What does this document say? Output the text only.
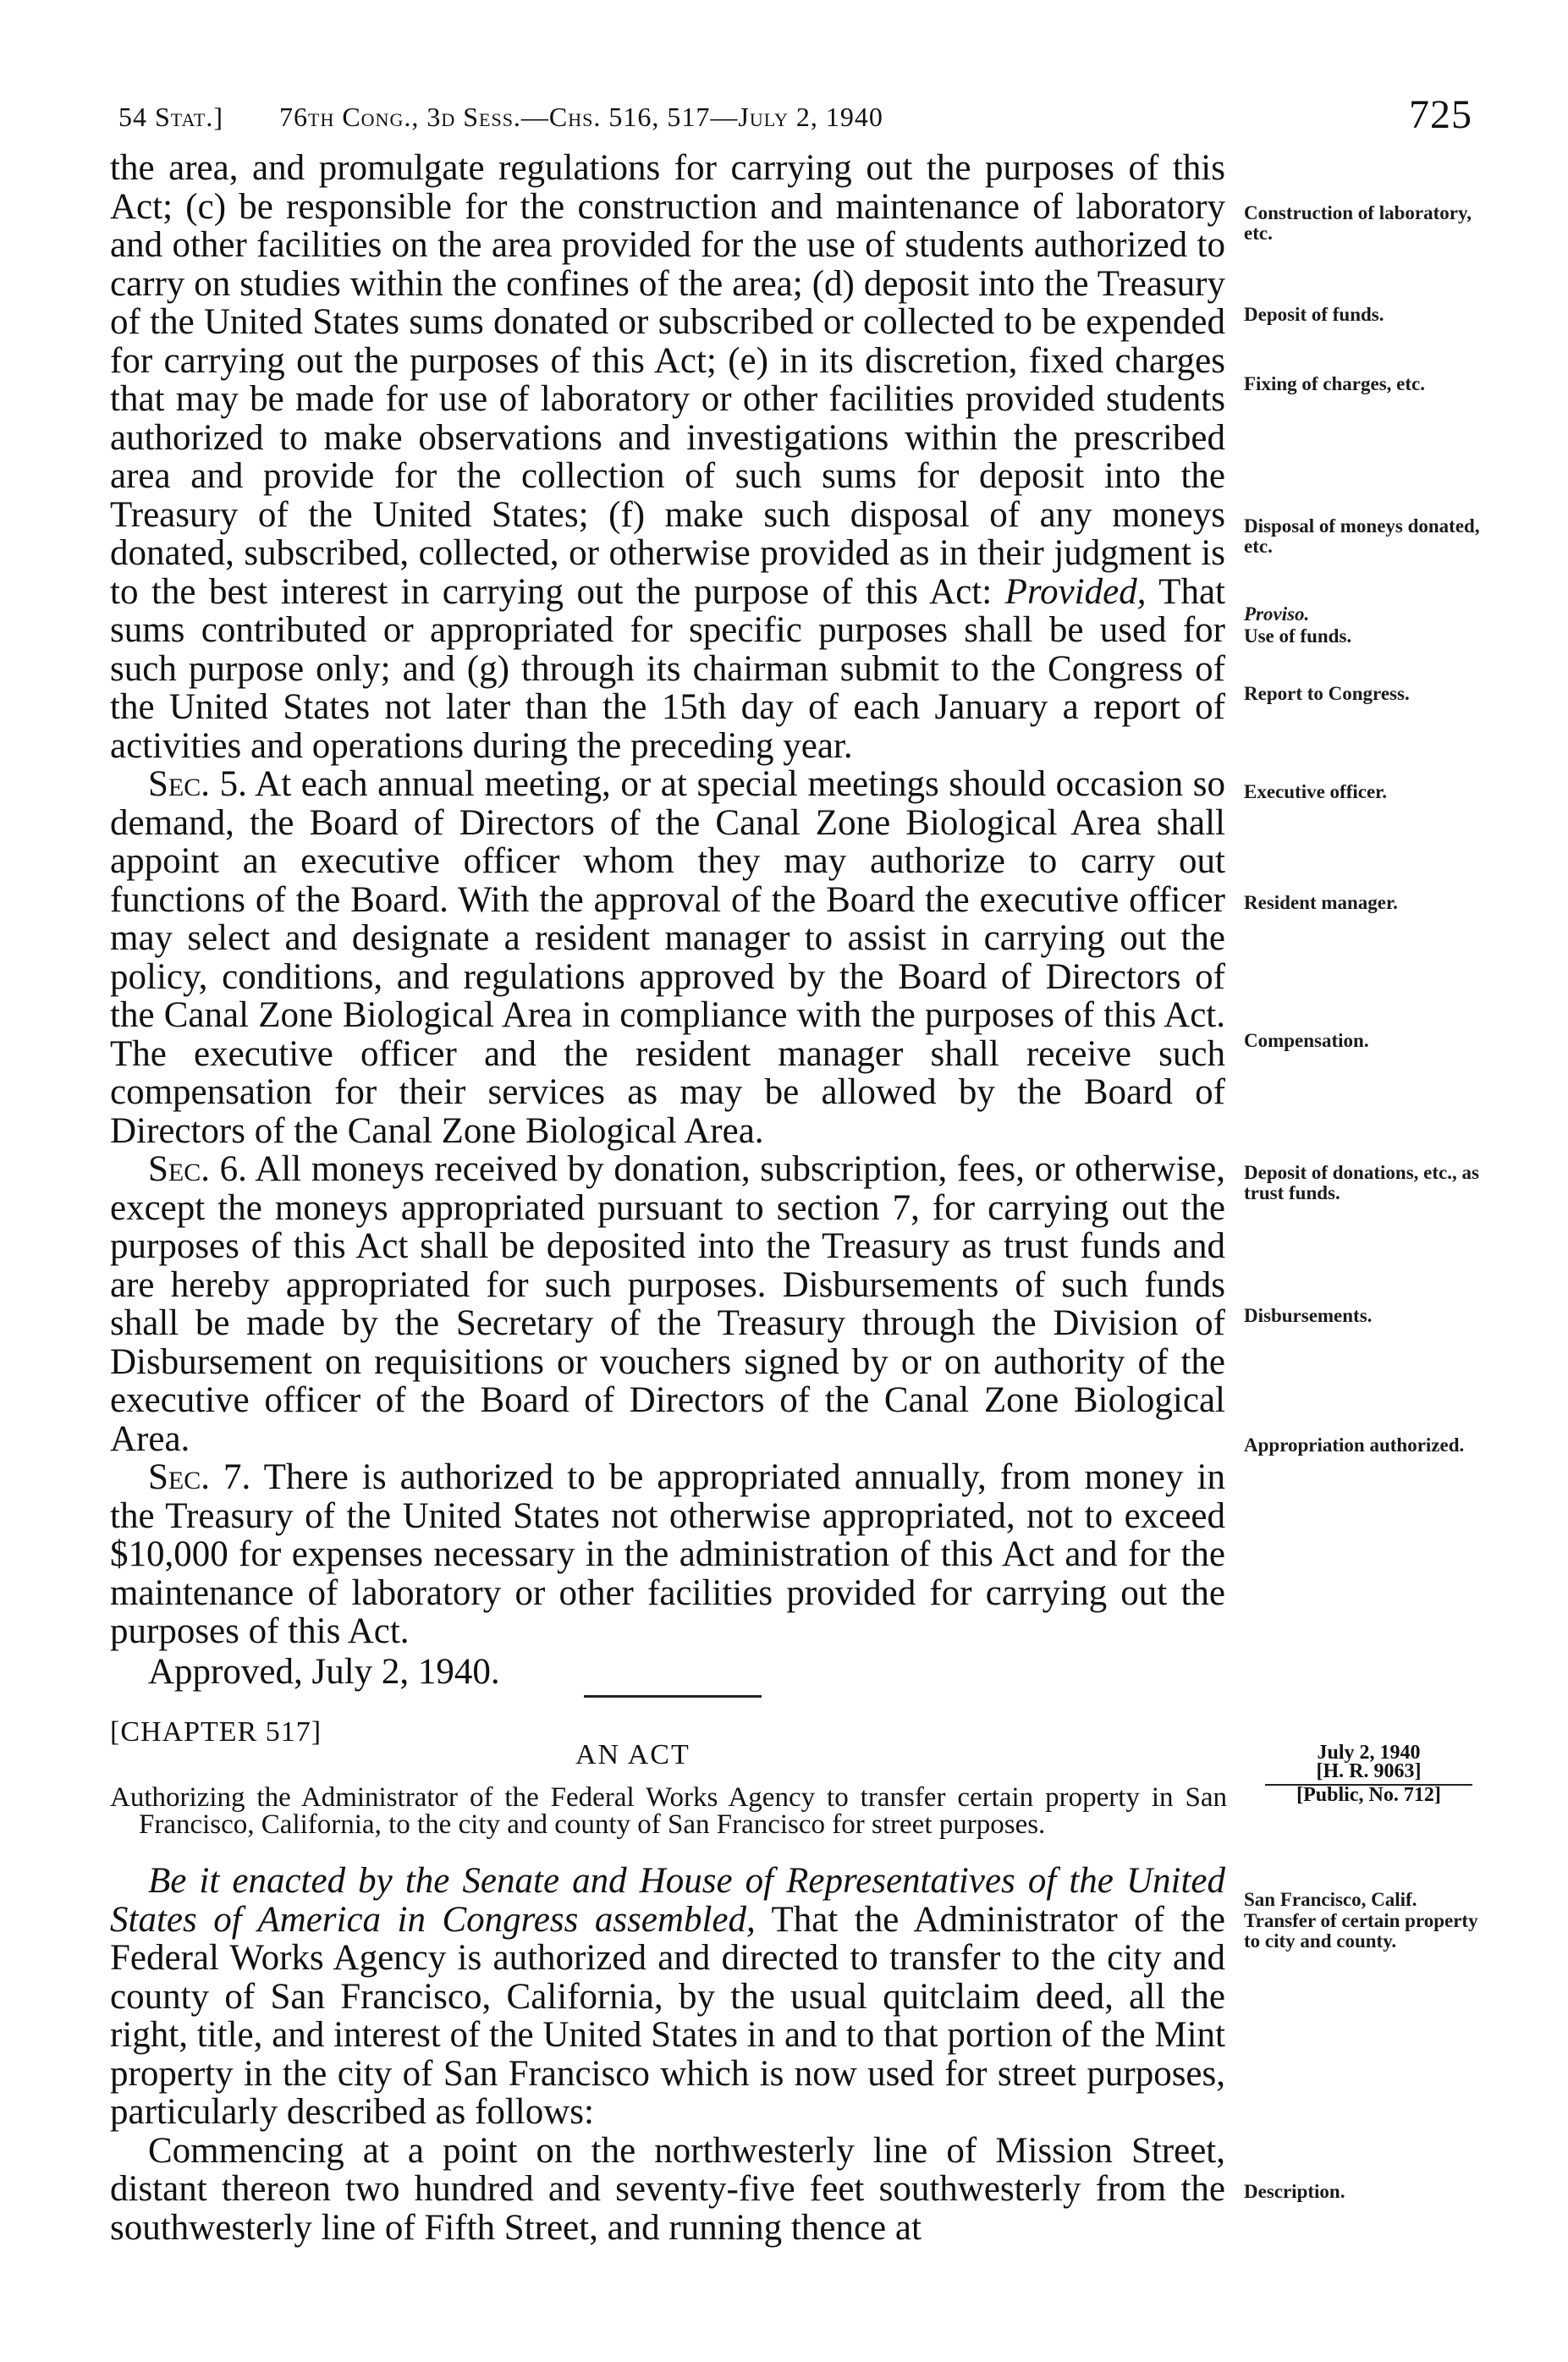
54 Stat.] 76th Cong., 3d Sess.—Chs. 516, 517—July 2, 1940	725

the area, and promulgate regulations for carrying out the purposes of this Act; (c) be responsible for the construction and maintenance of laboratory and other facilities on the area provided for the use of students authorized to carry on studies within the confines of the area; (d) deposit into the Treasury of the United States sums donated or subscribed or collected to be expended for carrying out the purposes of this Act; (e) in its discretion, fixed charges that may be made for use of laboratory or other facilities provided students authorized to make observations and investigations within the prescribed area and provide for the collection of such sums for deposit into the Treasury of the United States; (f) make such disposal of any moneys donated, subscribed, collected, or otherwise provided as in their judgment is to the best interest in carrying out the purpose of this Act: Provided, That sums contributed or appropriated for specific purposes shall be used for such purpose only; and (g) through its chairman submit to the Congress of the United States not later than the 15th day of each January a report of activities and operations during the preceding year.

Sec. 5. At each annual meeting, or at special meetings should occasion so demand, the Board of Directors of the Canal Zone Biological Area shall appoint an executive officer whom they may authorize to carry out functions of the Board. With the approval of the Board the executive officer may select and designate a resident manager to assist in carrying out the policy, conditions, and regulations approved by the Board of Directors of the Canal Zone Biological Area in compliance with the purposes of this Act. The executive officer and the resident manager shall receive such compensation for their services as may be allowed by the Board of Directors of the Canal Zone Biological Area.

Sec. 6. All moneys received by donation, subscription, fees, or otherwise, except the moneys appropriated pursuant to section 7, for carrying out the purposes of this Act shall be deposited into the Treasury as trust funds and are hereby appropriated for such purposes. Disbursements of such funds shall be made by the Secretary of the Treasury through the Division of Disbursement on requisitions or vouchers signed by or on authority of the executive officer of the Board of Directors of the Canal Zone Biological Area.

Sec. 7. There is authorized to be appropriated annually, from money in the Treasury of the United States not otherwise appropriated, not to exceed $10,000 for expenses necessary in the administration of this Act and for the maintenance of laboratory or other facilities provided for carrying out the purposes of this Act.

Approved, July 2, 1940.

Construction of laboratory, etc.
Deposit of funds.
Fixing of charges, etc.
Disposal of moneys donated, etc.
Proviso.
Use of funds.
Report to Congress.
Executive officer.
Resident manager.
Compensation.
Deposit of donations, etc., as trust funds.
Disbursements.
Appropriation authorized.
[CHAPTER 517]
AN ACT	July 2, 1940
[H. R. 9063]
[Public, No. 712]
Authorizing the Administrator of the Federal Works Agency to transfer certain property in San Francisco, California, to the city and county of San Francisco for street purposes.

Be it enacted by the Senate and House of Representatives of the United States of America in Congress assembled, That the Administrator of the Federal Works Agency is authorized and directed to transfer to the city and county of San Francisco, California, by the usual quitclaim deed, all the right, title, and interest of the United States in and to that portion of the Mint property in the city of San Francisco which is now used for street purposes, particularly described as follows:

Commencing at a point on the northwesterly line of Mission Street, distant thereon two hundred and seventy-five feet southwesterly from the southwesterly line of Fifth Street, and running thence at

San Francisco, Calif.
Transfer of certain property to city and county.
Description.
